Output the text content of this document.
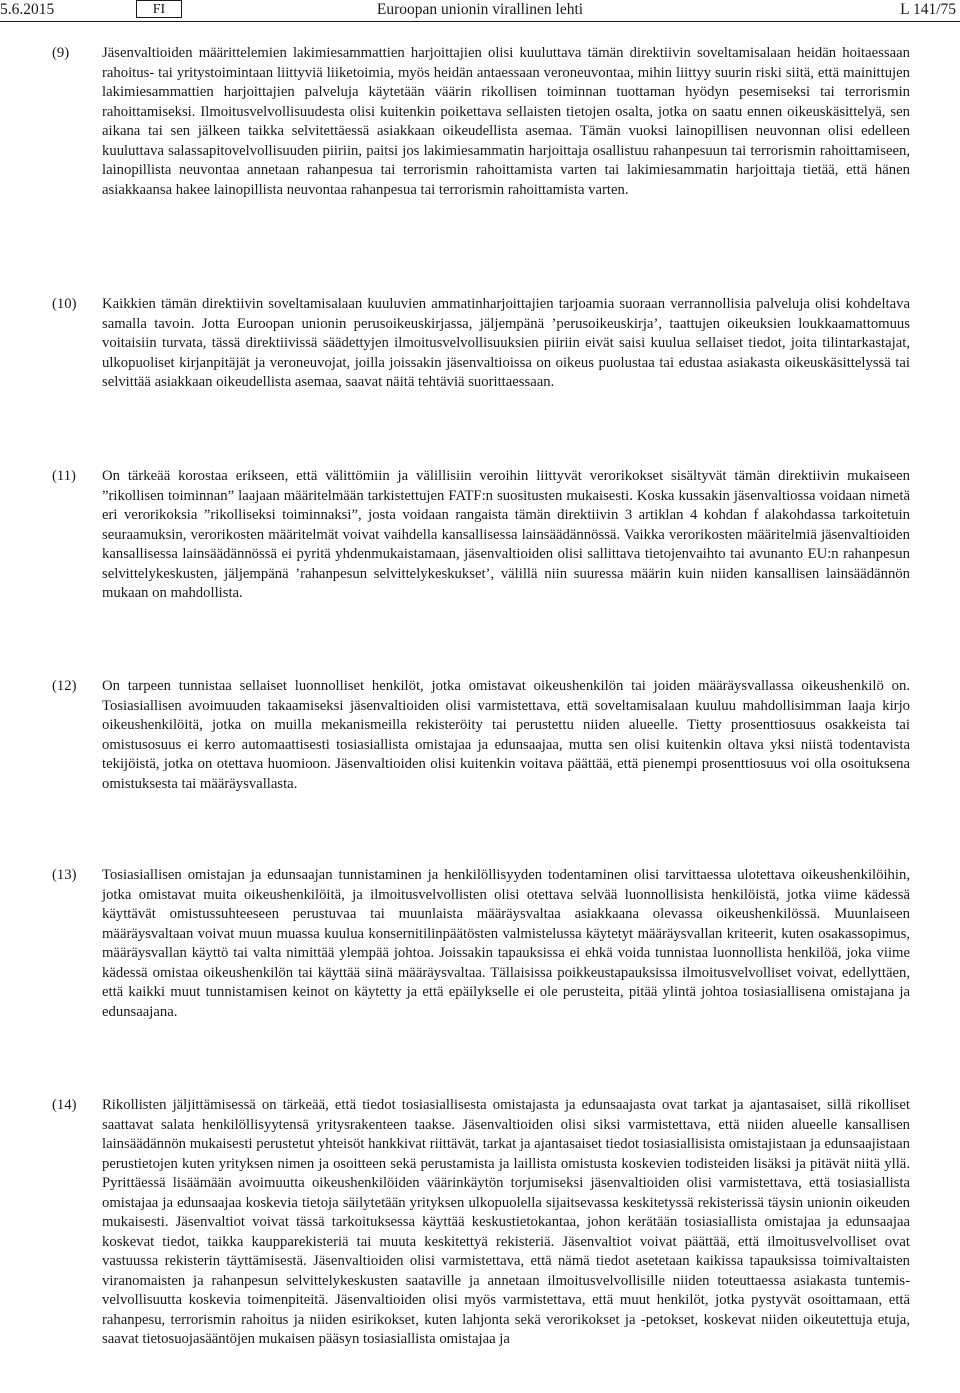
5.6.2015	FI	Euroopan unionin virallinen lehti	L 141/75
(9)	Jäsenvaltioiden määrittelemien lakimiesammattien harjoittajien olisi kuuluttava tämän direktiivin soveltamisalaan heidän hoitaessaan rahoitus- tai yritystoimintaan liittyviä liiketoimia, myös heidän antaessaan veroneuvontaa, mihin liittyy suurin riski siitä, että mainittujen lakimiesammattien harjoittajien palveluja käytetään väärin rikollisen toiminnan tuottaman hyödyn pesemiseksi tai terrorismin rahoittamiseksi. Ilmoitusvelvollisuudesta olisi kuitenkin poikettava sellaisten tietojen osalta, jotka on saatu ennen oikeuskäsittelyä, sen aikana tai sen jälkeen taikka selvitettäessä asiakkaan oikeudellista asemaa. Tämän vuoksi lainopillisen neuvonnan olisi edelleen kuuluttava salassapitovelvollisuuden piiriin, paitsi jos lakimiesammatin harjoittaja osallistuu rahanpesuun tai terrorismin rahoittamiseen, lainopillista neuvontaa annetaan rahanpesua tai terrorismin rahoittamista varten tai lakimiesammatin harjoittaja tietää, että hänen asiakkaansa hakee lainopillista neuvontaa rahanpesua tai terrorismin rahoittamista varten.
(10)	Kaikkien tämän direktiivin soveltamisalaan kuuluvien ammatinharjoittajien tarjoamia suoraan verrannollisia palveluja olisi kohdeltava samalla tavoin. Jotta Euroopan unionin perusoikeuskirjassa, jäljempänä ’perusoikeuskirja’, taattujen oikeuksien loukkaamattomuus voitaisiin turvata, tässä direktiivissä säädettyjen ilmoitusvelvollisuuksien piiriin eivät saisi kuulua sellaiset tiedot, joita tilintarkastajat, ulkopuoliset kirjanpitäjät ja veroneuvojat, joilla joissakin jäsenvaltioissa on oikeus puolustaa tai edustaa asiakasta oikeuskäsittelyssä tai selvittää asiakkaan oikeudellista asemaa, saavat näitä tehtäviä suorittaessaan.
(11)	On tärkeää korostaa erikseen, että välittömiin ja välillisiin veroihin liittyvät verorikokset sisältyvät tämän direktiivin mukaiseen ”rikollisen toiminnan” laajaan määritelmään tarkistettujen FATF:n suositusten mukaisesti. Koska kussakin jäsenvaltiossa voidaan nimetä eri verorikoksia ”rikolliseksi toiminnaksi”, josta voidaan rangaista tämän direktiivin 3 artiklan 4 kohdan f alakohdassa tarkoitetuin seuraamuksin, verorikosten määritelmät voivat vaihdella kansallisessa lainsäädännössä. Vaikka verorikosten määritelmiä jäsenvaltioiden kansallisessa lainsäädännössä ei pyritä yhdenmukaistamaan, jäsenvaltioiden olisi sallittava tietojenvaihto tai avunanto EU:n rahanpesun selvittelykeskusten, jäljempänä ’rahanpesun selvittelykeskukset’, välillä niin suuressa määrin kuin niiden kansallisen lainsäädännön mukaan on mahdollista.
(12)	On tarpeen tunnistaa sellaiset luonnolliset henkilöt, jotka omistavat oikeushenkilön tai joiden määräysvallassa oikeushenkilö on. Tosiasiallisen avoimuuden takaamiseksi jäsenvaltioiden olisi varmistettava, että soveltamisalaan kuuluu mahdollisimman laaja kirjo oikeushenkilöitä, jotka on muilla mekanismeilla rekisteröity tai perustettu niiden alueelle. Tietty prosenttiosuus osakkeista tai omistusosuus ei kerro automaattisesti tosiasiallista omistajaa ja edunsaajaa, mutta sen olisi kuitenkin oltava yksi niistä todentavista tekijöistä, jotka on otettava huomioon. Jäsenvaltioiden olisi kuitenkin voitava päättää, että pienempi prosenttiosuus voi olla osoituksena omistuksesta tai määräysvallasta.
(13)	Tosiasiallisen omistajan ja edunsaajan tunnistaminen ja henkilöllisyyden todentaminen olisi tarvittaessa ulotettava oikeushenkilöihin, jotka omistavat muita oikeushenkilöitä, ja ilmoitusvelvollisten olisi otettava selvää luonnollisista henkilöistä, jotka viime kädessä käyttävät omistussuhteeseen perustuvaa tai muunlaista määräysvaltaa asiakkaana olevassa oikeushenkilössä. Muunlaiseen määräysvaltaan voivat muun muassa kuulua konsernitilinpäätösten valmistelussa käytetyt määräysvallan kriteerit, kuten osakassopimus, määräysvallan käyttö tai valta nimittää ylempää johtoa. Joissakin tapauksissa ei ehkä voida tunnistaa luonnollista henkilöä, joka viime kädessä omistaa oikeushenkilön tai käyttää siinä määräysvaltaa. Tällaisissa poikkeustapauksissa ilmoitusvelvolliset voivat, edellyttäen, että kaikki muut tunnistamisen keinot on käytetty ja että epäilykselle ei ole perusteita, pitää ylintä johtoa tosiasiallisena omistajana ja edunsaajana.
(14)	Rikollisten jäljittämisessä on tärkeää, että tiedot tosiasiallisesta omistajasta ja edunsaajasta ovat tarkat ja ajantasaiset, sillä rikolliset saattavat salata henkilöllisyytensä yritysrakenteen taakse. Jäsenvaltioiden olisi siksi varmistettava, että niiden alueelle kansallisen lainsäädännön mukaisesti perustetut yhteisöt hankkivat riittävät, tarkat ja ajantasaiset tiedot tosiasiallisista omistajistaan ja edunsaajistaan perustietojen kuten yrityksen nimen ja osoitteen sekä perustamista ja laillista omistusta koskevien todisteiden lisäksi ja pitävät niitä yllä. Pyrittäessä lisäämään avoimuutta oikeushenkilöiden väärinkäytön torjumiseksi jäsenvaltioiden olisi varmistettava, että tosiasiallista omistajaa ja edunsaajaa koskevia tietoja säilytetään yrityksen ulkopuolella sijaitsevassa keskitetyssä rekisterissä täysin unionin oikeuden mukaisesti. Jäsenvaltiot voivat tässä tarkoituksessa käyttää keskustietokantaa, johon kerätään tosiasiallista omistajaa ja edunsaajaa koskevat tiedot, taikka kaupparekisteriä tai muuta keskitettyä rekisteriä. Jäsenvaltiot voivat päättää, että ilmoitusvelvolliset ovat vastuussa rekisterin täyttämisestä. Jäsenvaltioiden olisi varmistettava, että nämä tiedot asetetaan kaikissa tapauksissa toimivaltaisten viranomaisten ja rahanpesun selvittelykeskusten saataville ja annetaan ilmoitusvelvollisille niiden toteuttaessa asiakasta tuntemisvelvollisuutta koskevia toimenpiteitä. Jäsenvaltioiden olisi myös varmistettava, että muut henkilöt, jotka pystyvät osoittamaan, että rahanpesu, terrorismin rahoitus ja niiden esirikokset, kuten lahjonta sekä verorikokset ja -petokset, koskevat niiden oikeutettuja etuja, saavat tietosuojasääntöjen mukaisen pääsyn tosiasiallista omistajaa ja
